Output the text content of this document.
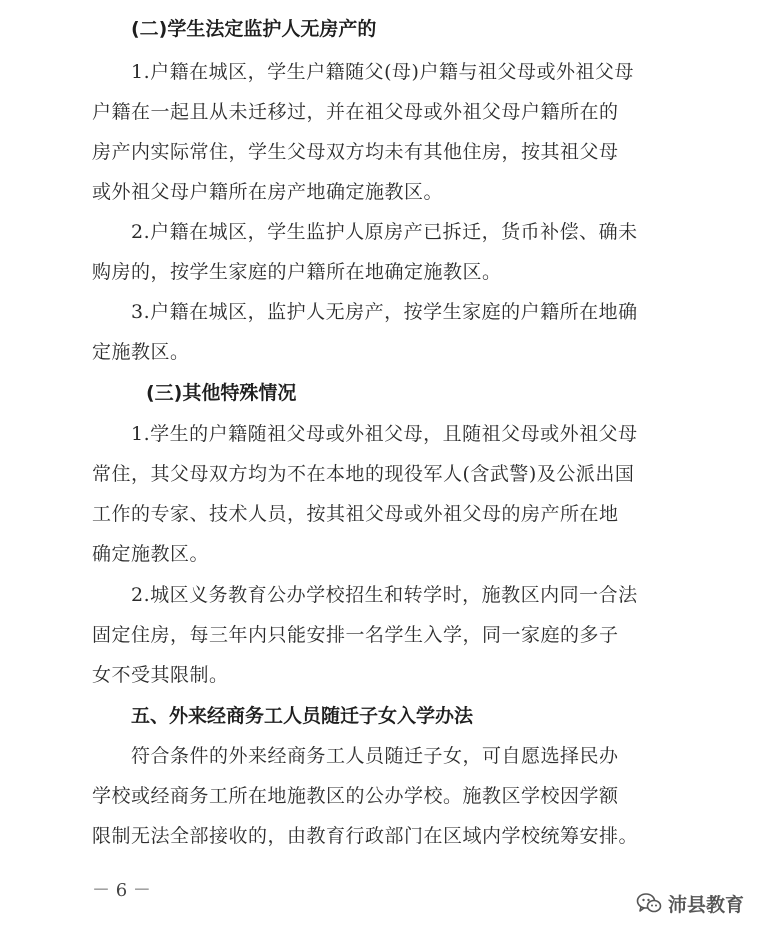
(二)学生法定监护人无房产的
1.户籍在城区，学生户籍随父(母)户籍与祖父母或外祖父母
户籍在一起且从未迁移过，并在祖父母或外祖父母户籍所在的
房产内实际常住，学生父母双方均未有其他住房，按其祖父母
或外祖父母户籍所在房产地确定施教区。
2.户籍在城区，学生监护人原房产已拆迁，货币补偿、确未
购房的，按学生家庭的户籍所在地确定施教区。
3.户籍在城区，监护人无房产，按学生家庭的户籍所在地确
定施教区。
(三)其他特殊情况
1.学生的户籍随祖父母或外祖父母，且随祖父母或外祖父母
常住，其父母双方均为不在本地的现役军人(含武警)及公派出国
工作的专家、技术人员，按其祖父母或外祖父母的房产所在地
确定施教区。
2.城区义务教育公办学校招生和转学时，施教区内同一合法
固定住房，每三年内只能安排一名学生入学，同一家庭的多子
女不受其限制。
五、外来经商务工人员随迁子女入学办法
符合条件的外来经商务工人员随迁子女，可自愿选择民办
学校或经商务工所在地施教区的公办学校。施教区学校因学额
限制无法全部接收的，由教育行政部门在区域内学校统筹安排。
－ 6 －
沛县教育
